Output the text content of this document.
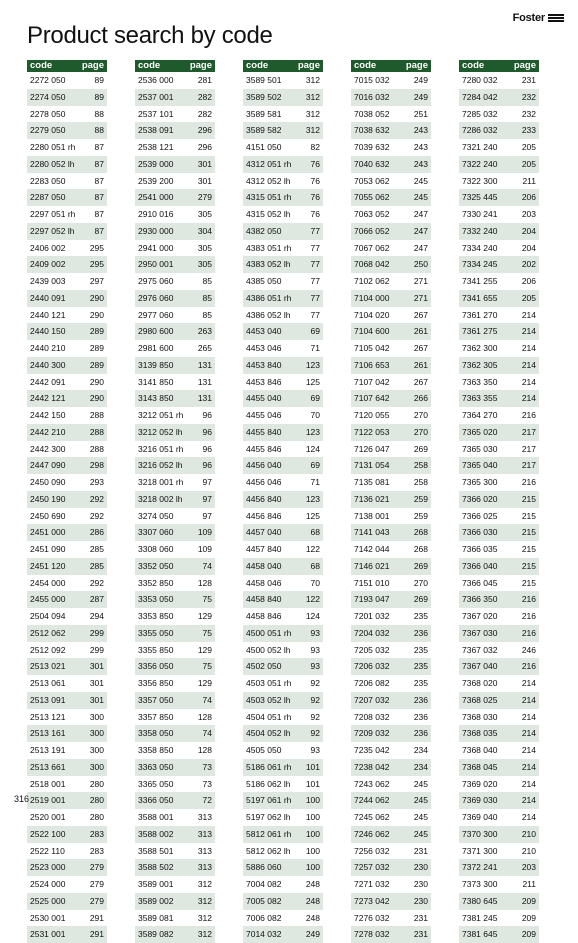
Foster
Product search by code
code	page
2272 050	89
2274 050	89
2278 050	88
2279 050	88
2280 051 rh 87
2280 052 lh 87
2283 050	87
2287 050	87
2297 051 rh 87
2297 052 lh 87
2406 002	295
2409 002	295
2439 003	297
2440 091	290
2440 121	290
2440 150	289
2440 210	289
2440 300	289
2442 091	290
2442 121	290
2442 150	288
2442 210	288
2442 300	288
2447 090	298
2450 090	293
2450 190	292
2450 690	292
2451 000	286
2451 090	285
2451 120	285
2454 000	292
2455 000	287
2504 094	294
2512 062	299
2512 092	299
2513 021	301
2513 061	301
2513 091	301
2513 121	300
2513 161	300
2513 191	300
2513 661	300
2518 001	280
2519 001	280
2520 001	280
2522 100	283
2522 110	283
2523 000	279
2524 000	279
2525 000	279
2530 001	291
2531 001	291
code	page
2536 000	281
2537 001	282
2537 101	282
2538 091	296
2538 121	296
2539 000	301
2539 200	301
2541 000	279
2910 016	305
2930 000	304
2941 000	305
2950 001	305
2975 060	85
2976 060	85
2977 060	85
2980 600	263
2981 600	265
3139 850	131
3141 850	131
3143 850	131
3212 051 rh 96
3212 052 lh 96
3216 051 rh 96
3216 052 lh 96
3218 001 rh 97
3218 002 lh 97
3274 050	97
3307 060	109
3308 060	109
3352 050	74
3352 850	128
3353 050	75
3353 850	129
3355 050	75
3355 850	129
3356 050	75
3356 850	129
3357 050	74
3357 850	128
3358 050	74
3358 850	128
3363 050	73
3365 050	73
3366 050	72
3588 001	313
3588 002	313
3588 501	313
3588 502	313
3589 001	312
3589 002	312
3589 081	312
3589 082	312
code	page
3589 501	312
3589 502	312
3589 581	312
3589 582	312
4151 050	82
4312 051 rh 76
4312 052 lh 76
4315 051 rh 76
4315 052 lh 76
4382 050	77
4383 051 rh 77
4383 052 lh 77
4385 050	77
4386 051 rh 77
4386 052 lh 77
4453 040	69
4453 046	71
4453 840	123
4453 846	125
4455 040	69
4455 046	70
4455 840	123
4455 846	124
4456 040	69
4456 046	71
4456 840	123
4456 846	125
4457 040	68
4457 840	122
4458 040	68
4458 046	70
4458 840	122
4458 846	124
4500 051 rh 93
4500 052 lh 93
4502 050	93
4503 051 rh 92
4503 052 lh 92
4504 051 rh 92
4504 052 lh 92
4505 050	93
5186 061 rh 101
5186 062 lh 101
5197 061 rh 100
5197 062 lh 100
5812 061 rh 100
5812 062 lh 100
5886 060	100
7004 082	248
7005 082	248
7006 082	248
7014 032	249
code	page
7015 032	249
7016 032	249
7038 052	251
7038 632	243
7039 632	243
7040 632	243
7053 062	245
7055 062	245
7063 052	247
7066 052	247
7067 062	247
7068 042	250
7102 062	271
7104 000	271
7104 020	267
7104 600	261
7105 042	267
7106 653	261
7107 042	267
7107 642	266
7120 055	270
7122 053	270
7126 047	269
7131 054	258
7135 081	258
7136 021	259
7138 001	259
7141 043	268
7142 044	268
7146 021	269
7151 010	270
7193 047	269
7201 032	235
7204 032	236
7205 032	235
7206 032	235
7206 082	235
7207 032	236
7208 032	236
7209 032	236
7235 042	234
7238 042	234
7243 062	245
7244 062	245
7245 062	245
7246 062	245
7256 032	231
7257 032	230
7271 032	230
7273 042	230
7276 032	231
7278 032	231
code	page
7280 032	231
7284 042	232
7285 032	232
7286 032	233
7321 240	205
7322 240	205
7322 300	211
7325 445	206
7330 241	203
7332 240	204
7334 240	204
7334 245	202
7341 255	206
7341 655	205
7361 270	214
7361 275	214
7362 300	214
7362 305	214
7363 350	214
7363 355	214
7364 270	216
7365 020	217
7365 030	217
7365 040	217
7365 300	216
7366 020	215
7366 025	215
7366 030	215
7366 035	215
7366 040	215
7366 045	215
7366 350	216
7367 020	216
7367 030	216
7367 032	246
7367 040	216
7368 020	214
7368 025	214
7368 030	214
7368 035	214
7368 040	214
7368 045	214
7369 020	214
7369 030	214
7369 040	214
7370 300	210
7371 300	210
7372 241	203
7373 300	211
7380 645	209
7381 245	209
7381 645	209
316
